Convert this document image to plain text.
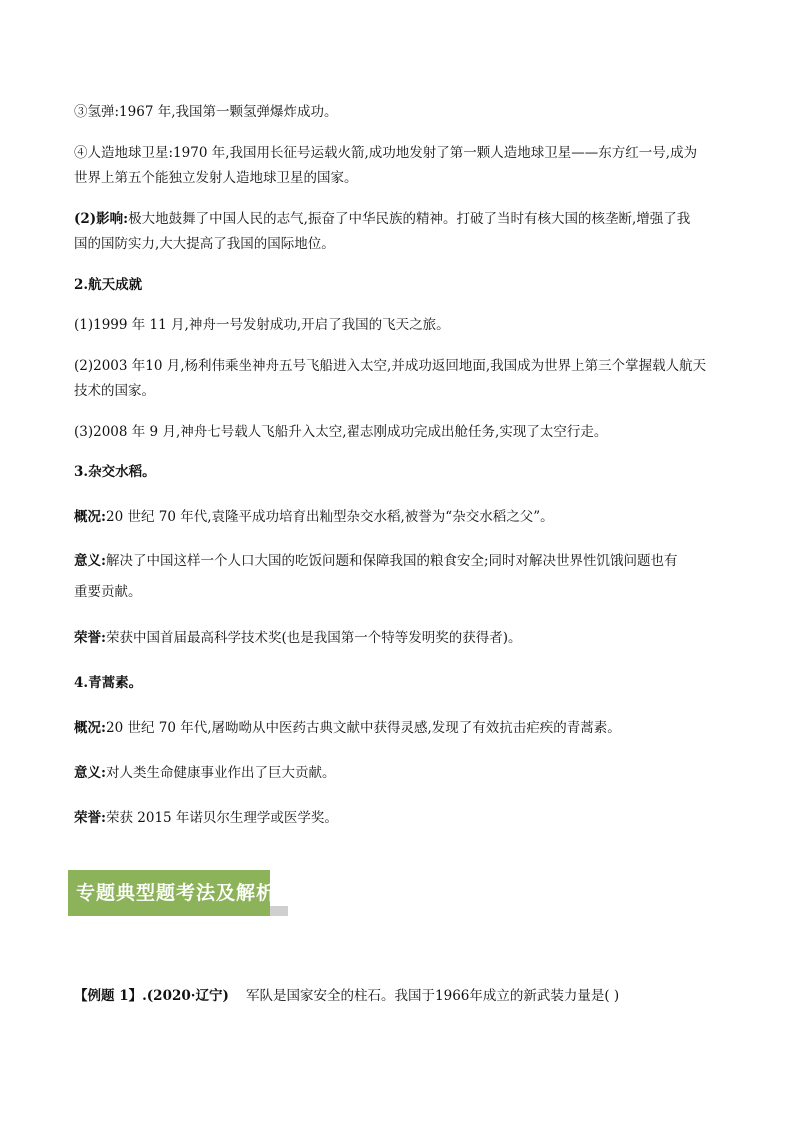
③氢弹:1967 年,我国第一颗氢弹爆炸成功。

④人造地球卫星:1970 年,我国用长征号运载火箭,成功地发射了第一颗人造地球卫星——东方红一号,成为

世界上第五个能独立发射人造地球卫星的国家。

(2)影响:极大地鼓舞了中国人民的志气,振奋了中华民族的精神。打破了当时有核大国的核垄断,增强了我

国的国防实力,大大提高了我国的国际地位。

2.航天成就

(1)1999 年 11 月,神舟一号发射成功,开启了我国的飞天之旅。

(2)2003 年10 月,杨利伟乘坐神舟五号飞船进入太空,并成功返回地面,我国成为世界上第三个掌握载人航天

技术的国家。

(3)2008 年 9 月,神舟七号载人飞船升入太空,翟志刚成功完成出舱任务,实现了太空行走。

3.杂交水稻。

概况:20 世纪 70 年代,袁隆平成功培育出籼型杂交水稻,被誉为“杂交水稻之父”。

意义:解决了中国这样一个人口大国的吃饭问题和保障我国的粮食安全;同时对解决世界性饥饿问题也有

重要贡献。

荣誉:荣获中国首届最高科学技术奖(也是我国第一个特等发明奖的获得者)。

4.青蒿素。

概况:20 世纪 70 年代,屠呦呦从中医药古典文献中获得灵感,发现了有效抗击疟疾的青蒿素。

意义:对人类生命健康事业作出了巨大贡献。

荣誉:荣获 2015 年诺贝尔生理学或医学奖。

专题典型题考法及解析

【例题 1】.(2020·辽宁) 军队是国家安全的柱石。我国于1966年成立的新武装力量是( )
